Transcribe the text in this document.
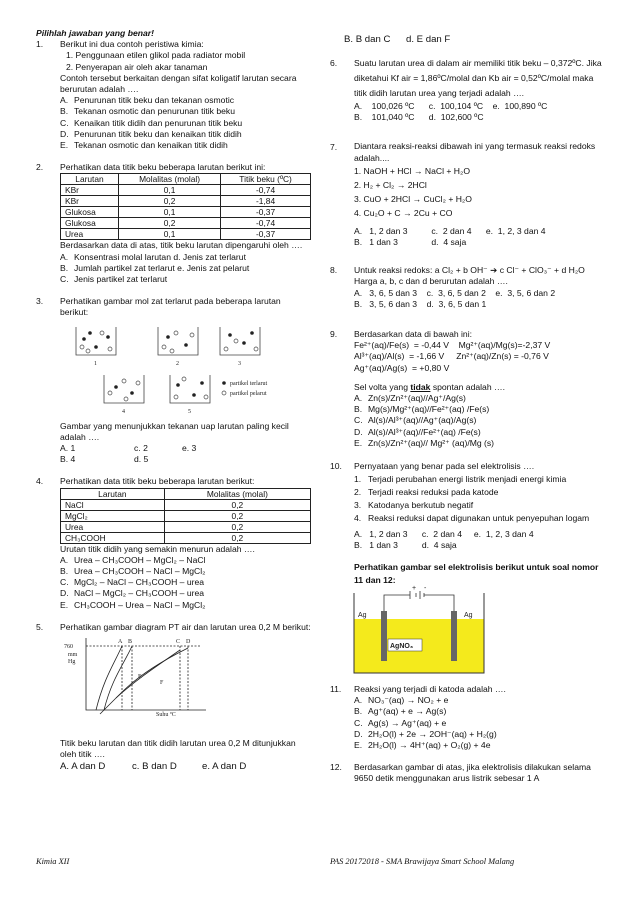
Pilihlah jawaban yang benar!
1. Berikut ini dua contoh peristiwa kimia:
1. Penggunaan etilen glikol pada radiator mobil
2. Penyerapan air oleh akar tanaman
Contoh tersebut berkaitan dengan sifat koligatif larutan secara berurutan adalah ….
A. Penurunan titik beku dan tekanan osmotic
B. Tekanan osmotic dan penurunan titik beku
C. Kenaikan titik didih dan penurunan titik beku
D. Penurunan titik beku dan kenaikan titik didih
E. Tekanan osmotic dan kenaikan titik didih
2. Perhatikan data titik beku beberapa larutan berikut ini:
Larutan	Molalitas (molal)	Titik beku (ºC)
KBr	0,1	-0,74
KBr	0,2	-1,84
Glukosa	0,1	-0,37
Glukosa	0,2	-0,74
Urea	0,1	-0,37
Berdasarkan data di atas, titik beku larutan dipengaruhi oleh ….
A. Konsentrasi molal larutan d. Jenis zat terlarut
B. Jumlah partikel zat terlarut e. Jenis zat pelarut
C. Jenis partikel zat terlarut
3. Perhatikan gambar mol zat terlarut pada beberapa larutan berikut:
1	2	3
4	5
partikel terlarut
partikel pelarut
Gambar yang menunjukkan tekanan uap larutan paling kecil adalah ….
A. 1	c. 2	e. 3
B. 4	d. 5
4. Perhatikan data titik beku beberapa larutan berikut:
Larutan	Molalitas (molal)
NaCl	0,2
MgCl₂	0,2
Urea	0,2
CH₃COOH	0,2
Urutan titik didih yang semakin menurun adalah ….
A. Urea – CH₃COOH – MgCl₂ – NaCl
B. Urea – CH₃COOH – NaCl – MgCl₂
C. MgCl₂ – NaCl – CH₃COOH – urea
D. NaCl – MgCl₂ – CH₃COOH – urea
E. CH₃COOH – Urea – NaCl – MgCl₂
5. Perhatikan gambar diagram PT air dan larutan urea 0,2 M berikut:
760
mm
Hg
A B	C D
E
F
Suhu ºC
Titik beku larutan dan titik didih larutan urea 0,2 M ditunjukkan oleh titik ….
A. A dan D	c. B dan D	e. A dan D
B. B dan C d. E dan F
6. Suatu larutan urea di dalam air memiliki titik beku – 0,372ºC. Jika diketahui Kf air = 1,86ºC/molal dan Kb air = 0,52ºC/molal maka titik didih larutan urea yang terjadi adalah ….
A.    100,026 ºC      c.  100,104 ºC    e.  100,890 ºC
B.    101,040 ºC      d.  102,600 ºC
7. Diantara reaksi-reaksi dibawah ini yang termasuk reaksi redoks adalah....
1. NaOH + HCl → NaCl + H₂O
2. H₂ + Cl₂ → 2HCl
3. CuO + 2HCl → CuCl₂ + H₂O
4. Cu₂O + C → 2Cu + CO
A.   1, 2 dan 3          c.  2 dan 4      e.  1, 2, 3 dan 4
B.   1 dan 3              d.  4 saja
8. Untuk reaksi redoks: a Cl₂ + b OH⁻ ➔ c Cl⁻ + ClO₃⁻ + d H₂O
Harga a, b, c dan d berurutan adalah ….
A.   3, 6, 5 dan 3    c.  3, 6, 5 dan 2    e.  3, 5, 6 dan 2
B.   3, 5, 6 dan 3    d.  3, 6, 5 dan 1
9. Berdasarkan data di bawah ini:
Fe²⁺(aq)/Fe(s)  = -0,44 V    Mg²⁺(aq)/Mg(s)=-2,37 V
Al³⁺(aq)/Al(s)  = -1,66 V     Zn²⁺(aq)/Zn(s) = -0,76 V
Ag⁺(aq)/Ag(s)  = +0,80 V
Sel volta yang tidak spontan adalah ….
A. Zn(s)/Zn²⁺(aq)//Ag⁺/Ag(s)
B. Mg(s)/Mg²⁺(aq)//Fe²⁺(aq) /Fe(s)
C. Al(s)/Al³⁺(aq)//Ag⁺(aq)/Ag(s)
D. Al(s)/Al³⁺(aq)//Fe²⁺(aq) /Fe(s)
E. Zn(s)/Zn²⁺(aq)// Mg²⁺ (aq)/Mg (s)
10. Pernyataan yang benar pada sel elektrolisis ….
1. Terjadi perubahan energi listrik menjadi energi kimia
2. Terjadi reaksi reduksi pada katode
3. Katodanya berkutub negatif
4. Reaksi reduksi dapat digunakan untuk penyepuhan logam
A.   1, 2 dan 3      c.  2 dan 4     e.  1, 2, 3 dan 4
B.   1 dan 3          d.  4 saja
Perhatikan gambar sel elektrolisis berikut untuk soal nomor 11 dan 12:
+ -
Ag	Ag
AgNO₃
11. Reaksi yang terjadi di katoda adalah ….
A. NO₃⁻(aq) → NO₂ + e
B. Ag⁺(aq) + e → Ag(s)
C. Ag(s) → Ag⁺(aq) + e
D. 2H₂O(l) + 2e → 2OH⁻(aq) + H₂(g)
E. 2H₂O(l) → 4H⁺(aq) + O₂(g) + 4e
12. Berdasarkan gambar di atas, jika elektrolisis dilakukan selama 9650 detik menggunakan arus listrik sebesar 1 A
Kimia XII	PAS 20172018 - SMA Brawijaya Smart School Malang
